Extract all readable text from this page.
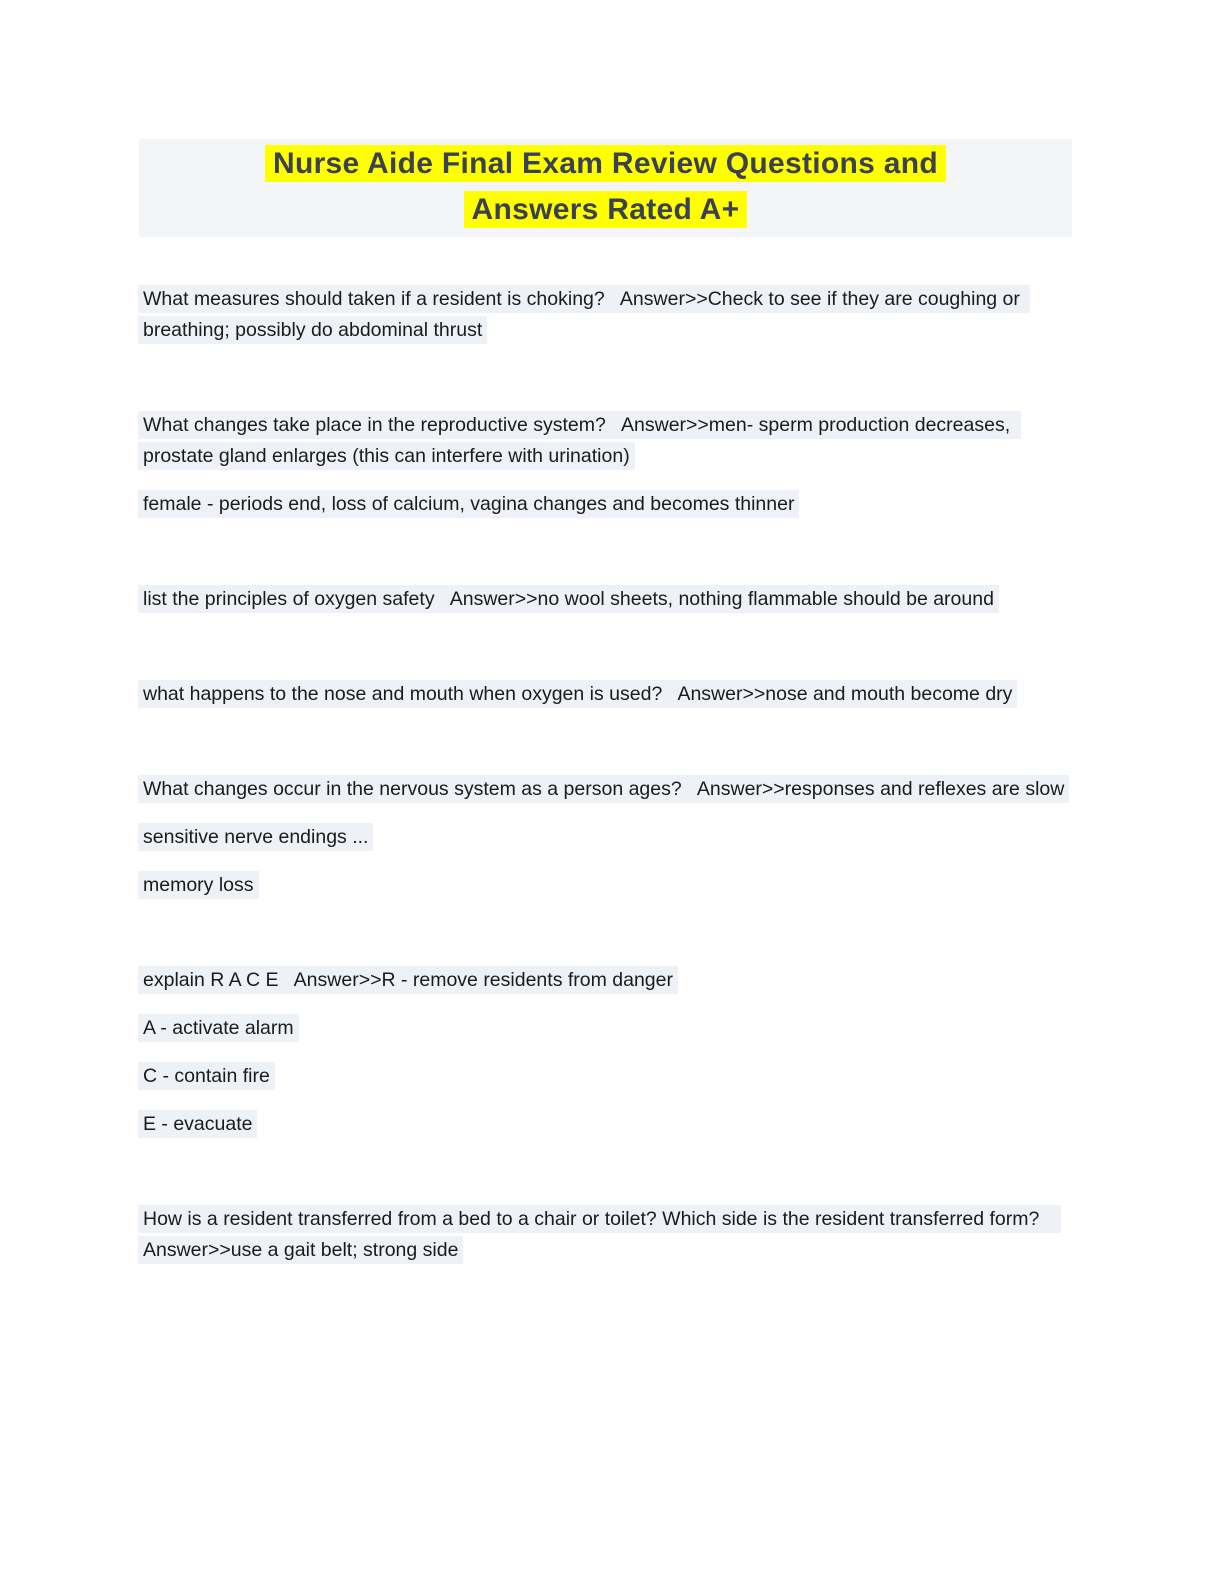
Nurse Aide Final Exam Review Questions and
Answers Rated A+

What measures should taken if a resident is choking?   Answer>>Check to see if they are coughing or breathing; possibly do abdominal thrust

What changes take place in the reproductive system?   Answer>>men- sperm production decreases, prostate gland enlarges (this can interfere with urination)

female - periods end, loss of calcium, vagina changes and becomes thinner

list the principles of oxygen safety   Answer>>no wool sheets, nothing flammable should be around

what happens to the nose and mouth when oxygen is used?   Answer>>nose and mouth become dry

What changes occur in the nervous system as a person ages?   Answer>>responses and reflexes are slow

sensitive nerve endings ...

memory loss

explain R A C E   Answer>>R - remove residents from danger

A - activate alarm

C - contain fire

E - evacuate

How is a resident transferred from a bed to a chair or toilet? Which side is the resident transferred form?   Answer>>use a gait belt; strong side
